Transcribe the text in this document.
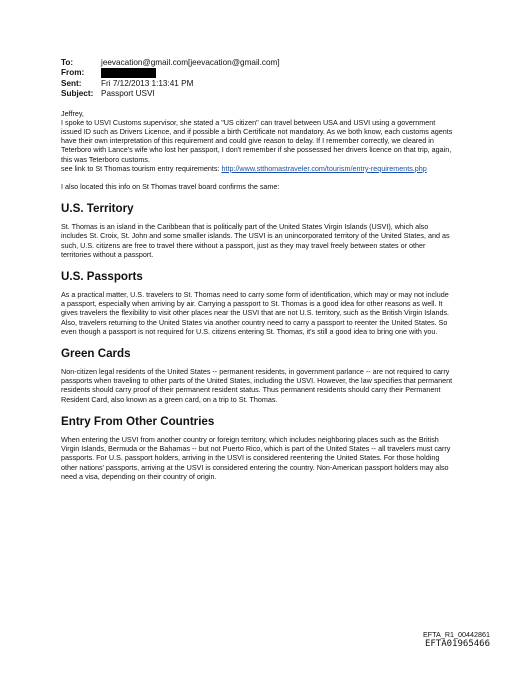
To:	jeevacation@gmail.com[jeevacation@gmail.com]
From:
Sent:	Fri 7/12/2013 1:13:41 PM
Subject: Passport USVI

Jeffrey,

I spoke to USVI Customs supervisor, she stated a "US citizen" can travel between USA and USVI using a government issued ID such as Drivers Licence, and if possible a birth Certificate not mandatory. As we both know, each customs agents have their own interpretation of this requirement and could give reason to delay. If I remember correctly, we cleared in Teterboro with Lance's wife who lost her passport, I don't remember if she possessed her drivers licence on that trip, again, this was Teterboro customs.

see link to St Thomas tourism entry requirements: http://www.stthomastraveler.com/tourism/entry-requirements.php

I also located this info on St Thomas travel board confirms the same:

U.S. Territory

St. Thomas is an island in the Caribbean that is politically part of the United States Virgin Islands (USVI), which also includes St. Croix, St. John and some smaller islands. The USVI is an unincorporated territory of the United States, and as such, U.S. citizens are free to travel there without a passport, just as they may travel freely between states or other territories without a passport.

U.S. Passports

As a practical matter, U.S. travelers to St. Thomas need to carry some form of identification, which may or may not include a passport, especially when arriving by air. Carrying a passport to St. Thomas is a good idea for other reasons as well. It gives travelers the flexibility to visit other places near the USVI that are not U.S. territory, such as the British Virgin Islands. Also, travelers returning to the United States via another country need to carry a passport to reenter the United States. So even though a passport is not required for U.S. citizens entering St. Thomas, it's still a good idea to bring one with you.

Green Cards

Non-citizen legal residents of the United States -- permanent residents, in government parlance -- are not required to carry passports when traveling to other parts of the United States, including the USVI. However, the law specifies that permanent residents should carry proof of their permanent resident status. Thus permanent residents should carry their Permanent Resident Card, also known as a green card, on a trip to St. Thomas.

Entry From Other Countries

When entering the USVI from another country or foreign territory, which includes neighboring places such as the British Virgin Islands, Bermuda or the Bahamas -- but not Puerto Rico, which is part of the United States -- all travelers must carry passports. For U.S. passport holders, arriving in the USVI is considered reentering the United States. For those holding other nations' passports, arriving at the USVI is considered entering the country. Non-American passport holders may also need a visa, depending on their country of origin.

EFTA_R1_00442861
EFTA01965466
